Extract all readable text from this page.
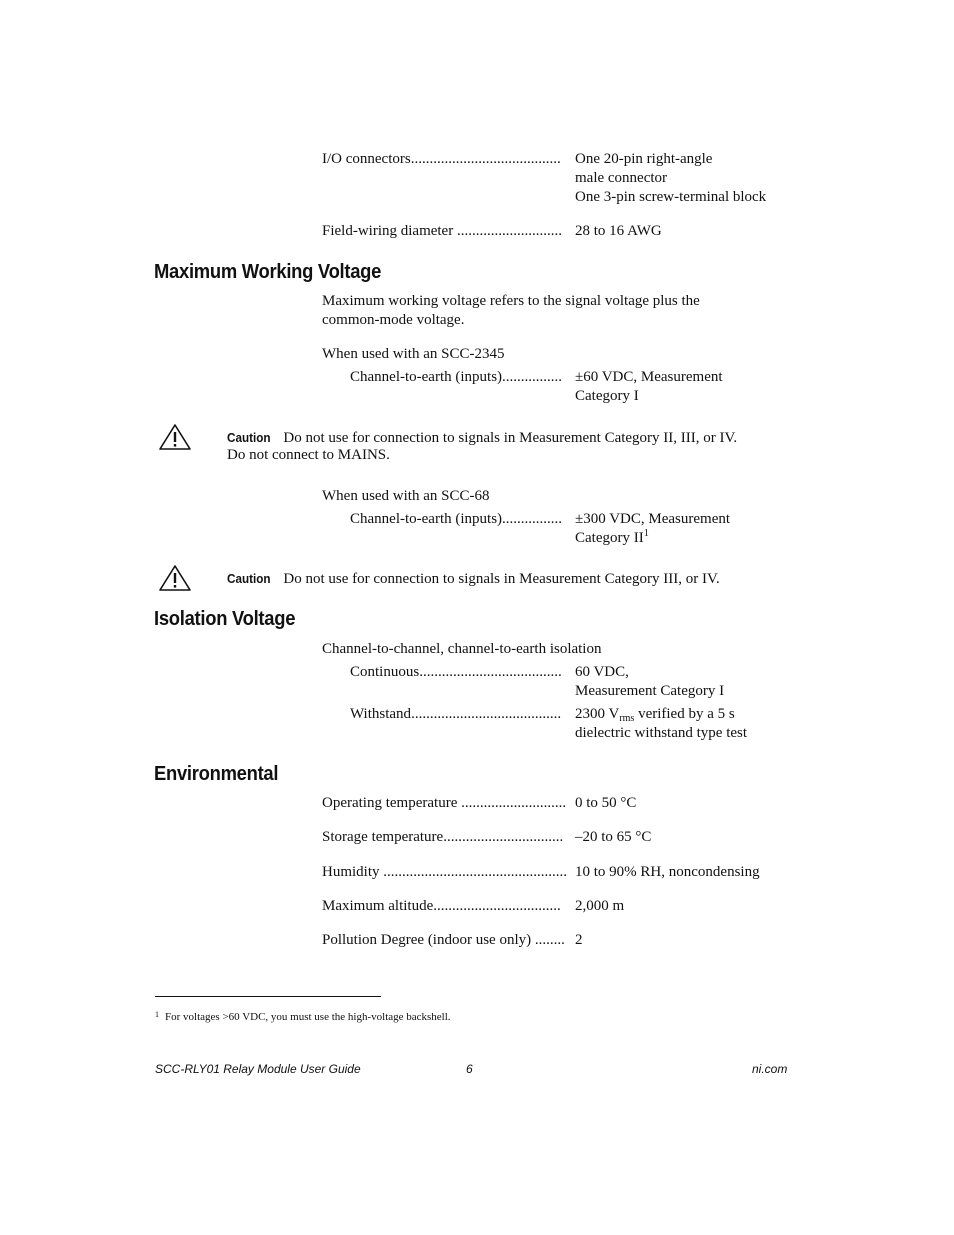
I/O connectors........................................ One 20-pin right-angle
male connector
One 3-pin screw-terminal block
Field-wiring diameter ............................ 28 to 16 AWG
Maximum Working Voltage
Maximum working voltage refers to the signal voltage plus the
common-mode voltage.
When used with an SCC-2345
Channel-to-earth (inputs)................ ±60 VDC, Measurement
Category I
Caution Do not use for connection to signals in Measurement Category II, III, or IV.
Do not connect to MAINS.
When used with an SCC-68
Channel-to-earth (inputs)................ ±300 VDC, Measurement
Category $II^1$
Caution Do not use for connection to signals in Measurement Category III, or IV.
Isolation Voltage
Channel-to-channel, channel-to-earth isolation
Continuous...................................... 60 VDC,
Measurement Category I
Withstand........................................ 2300 $V_{rms}$ verified by a 5 s
dielectric withstand type test
Environmental
Operating temperature ............................ 0 to 50 °C
Storage temperature................................ –20 to 65 °C
Humidity ................................................. 10 to 90% RH, noncondensing
Maximum altitude.................................. 2,000 m
Pollution Degree (indoor use only) ........ 2
$^1$ For voltages >60 VDC, you must use the high-voltage backshell.
SCC-RLY01 Relay Module User Guide	6	ni.com
